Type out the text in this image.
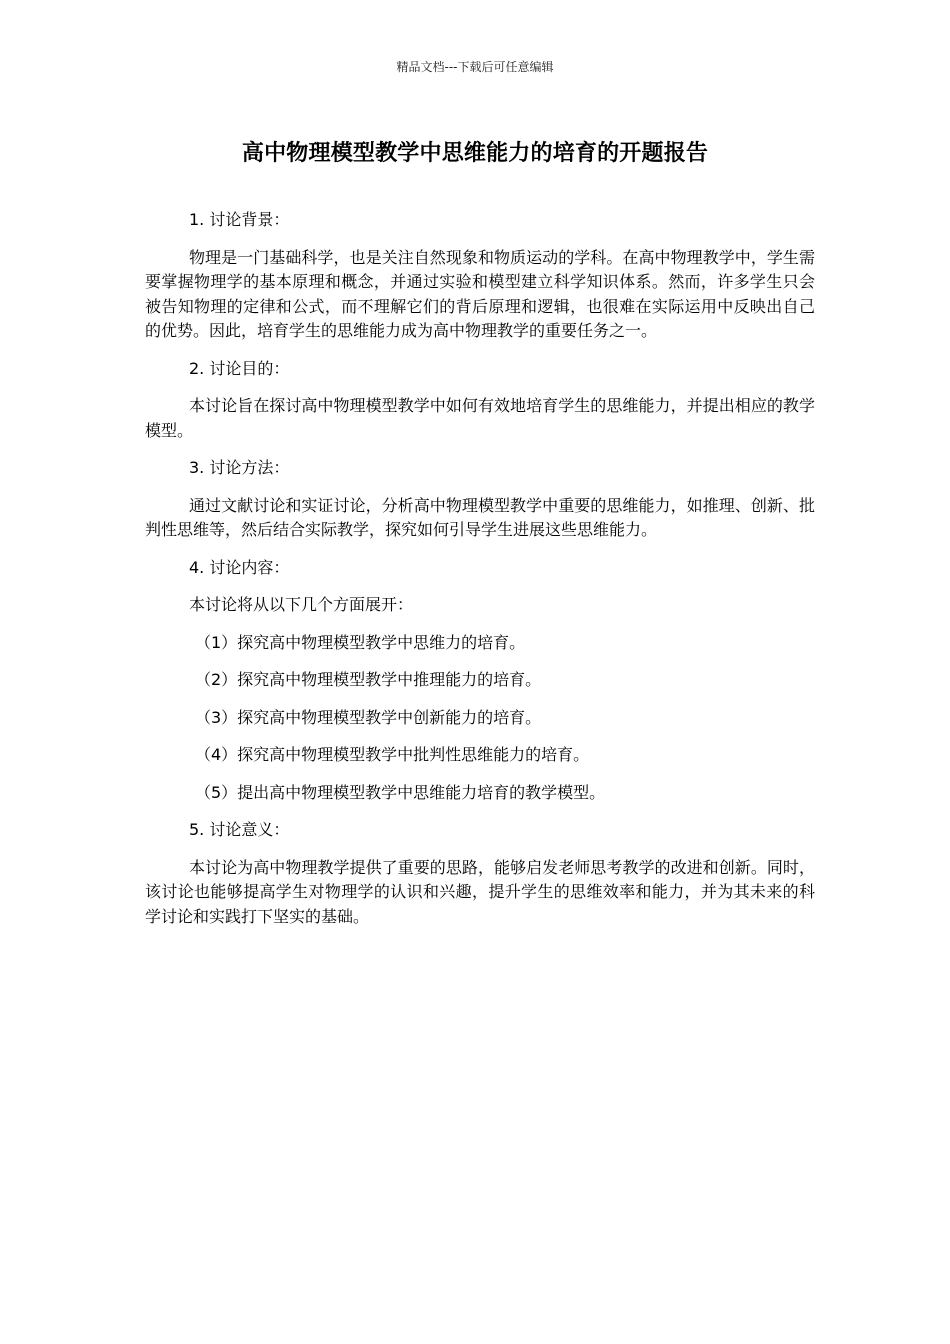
精品文档---下载后可任意编辑
高中物理模型教学中思维能力的培育的开题报告
1. 讨论背景：
物理是一门基础科学，也是关注自然现象和物质运动的学科。在高中物理教学中，学生需要掌握物理学的基本原理和概念，并通过实验和模型建立科学知识体系。然而，许多学生只会被告知物理的定律和公式，而不理解它们的背后原理和逻辑，也很难在实际运用中反映出自己的优势。因此，培育学生的思维能力成为高中物理教学的重要任务之一。
2. 讨论目的：
本讨论旨在探讨高中物理模型教学中如何有效地培育学生的思维能力，并提出相应的教学模型。
3. 讨论方法：
通过文献讨论和实证讨论，分析高中物理模型教学中重要的思维能力，如推理、创新、批判性思维等，然后结合实际教学，探究如何引导学生进展这些思维能力。
4. 讨论内容：
本讨论将从以下几个方面展开：
（1）探究高中物理模型教学中思维力的培育。
（2）探究高中物理模型教学中推理能力的培育。
（3）探究高中物理模型教学中创新能力的培育。
（4）探究高中物理模型教学中批判性思维能力的培育。
（5）提出高中物理模型教学中思维能力培育的教学模型。
5. 讨论意义：
本讨论为高中物理教学提供了重要的思路，能够启发老师思考教学的改进和创新。同时，该讨论也能够提高学生对物理学的认识和兴趣，提升学生的思维效率和能力，并为其未来的科学讨论和实践打下坚实的基础。
